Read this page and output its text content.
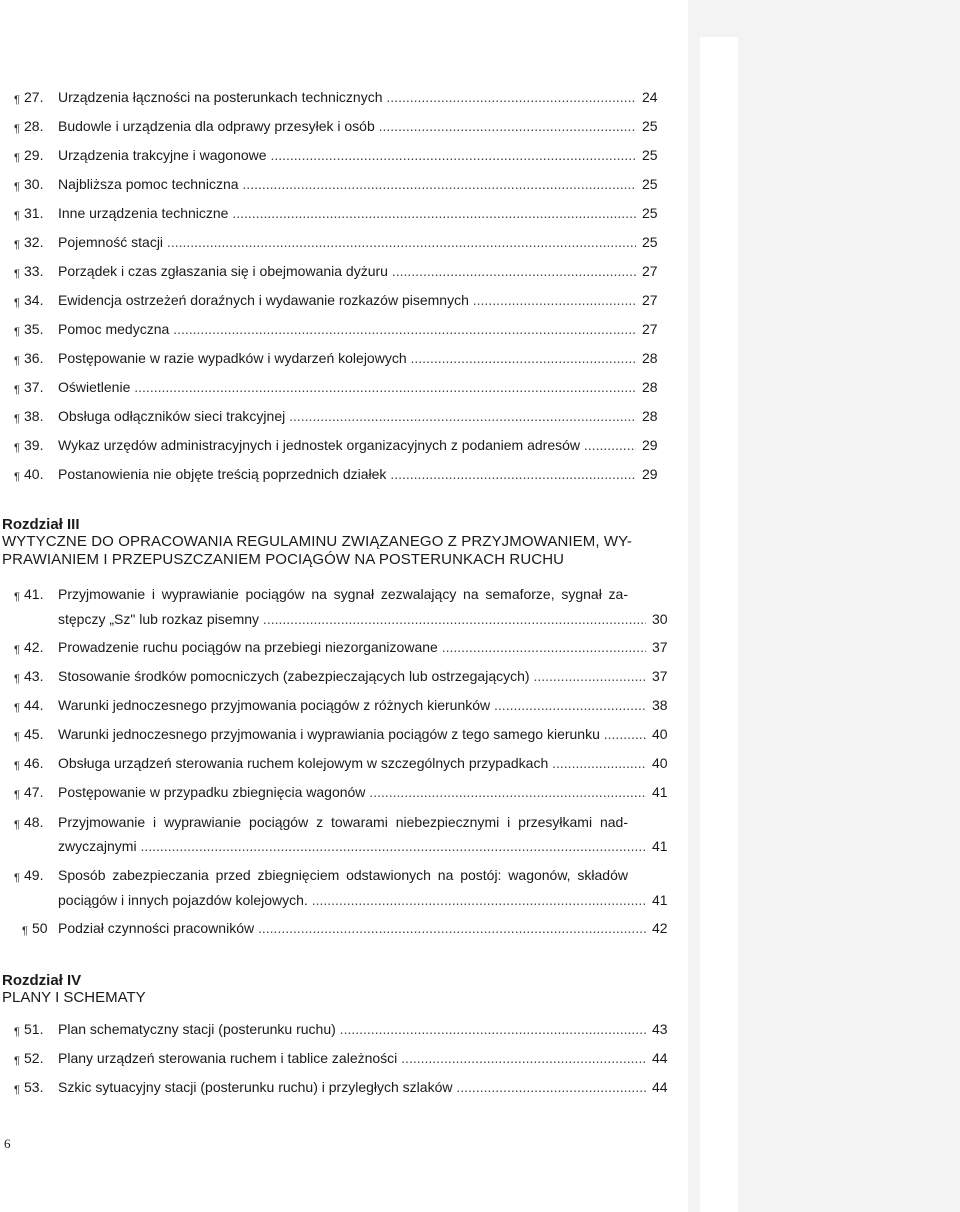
¶ 27. Urządzenia łączności na posterunkach technicznych .....	24
¶ 28. Budowle i urządzenia dla odprawy przesyłek i osób .....	25
¶ 29. Urządzenia trakcyjne i wagonowe .....	25
¶ 30. Najbliższa pomoc techniczna .....	25
¶ 31. Inne urządzenia techniczne .....	25
¶ 32. Pojemność stacji .....	25
¶ 33. Porządek i czas zgłaszania się i obejmowania dyżuru .....	27
¶ 34. Ewidencja ostrzeżeń doraźnych i wydawanie rozkazów pisemnych .....	27
¶ 35. Pomoc medyczna .....	27
¶ 36. Postępowanie w razie wypadków i wydarzeń kolejowych .....	28
¶ 37. Oświetlenie .....	28
¶ 38. Obsługa odłączników sieci trakcyjnej .....	28
¶ 39. Wykaz urzędów administracyjnych i jednostek organizacyjnych z podaniem adresów .....	29
¶ 40. Postanowienia nie objęte treścią poprzednich działek .....	29
Rozdział III
WYTYCZNE DO OPRACOWANIA REGULAMINU ZWIĄZANEGO Z PRZYJMOWANIEM, WY-
PRAWIANIEM I PRZEPUSZCZANIEM POCIĄGÓW NA POSTERUNKACH RUCHU
¶ 41. Przyjmowanie i wyprawianie pociągów na sygnał zezwalający na semaforze, sygnał za-
stępczy „Sz" lub rozkaz pisemny .....	30
¶ 42. Prowadzenie ruchu pociągów na przebiegi niezorganizowane .....	37
¶ 43. Stosowanie środków pomocniczych (zabezpieczających lub ostrzegających) .....	37
¶ 44. Warunki jednoczesnego przyjmowania pociągów z różnych kierunków .....	38
¶ 45. Warunki jednoczesnego przyjmowania i wyprawiania pociągów z tego samego kierunku .....	40
¶ 46. Obsługa urządzeń sterowania ruchem kolejowym w szczególnych przypadkach .....	40
¶ 47. Postępowanie w przypadku zbiegnięcia wagonów .....	41
¶ 48. Przyjmowanie i wyprawianie pociągów z towarami niebezpiecznymi i przesyłkami nad-
zwyczajnymi .....	41
¶ 49. Sposób zabezpieczania przed zbiegnięciem odstawionych na postój: wagonów, składów
pociągów i innych pojazdów kolejowych. .....	41
¶ 50 Podział czynności pracowników .....	42
Rozdział IV
PLANY I SCHEMATY
¶ 51. Plan schematyczny stacji (posterunku ruchu) .....	43
¶ 52. Plany urządzeń sterowania ruchem i tablice zależności .....	44
¶ 53. Szkic sytuacyjny stacji (posterunku ruchu) i przyległych szlaków .....	44
6
